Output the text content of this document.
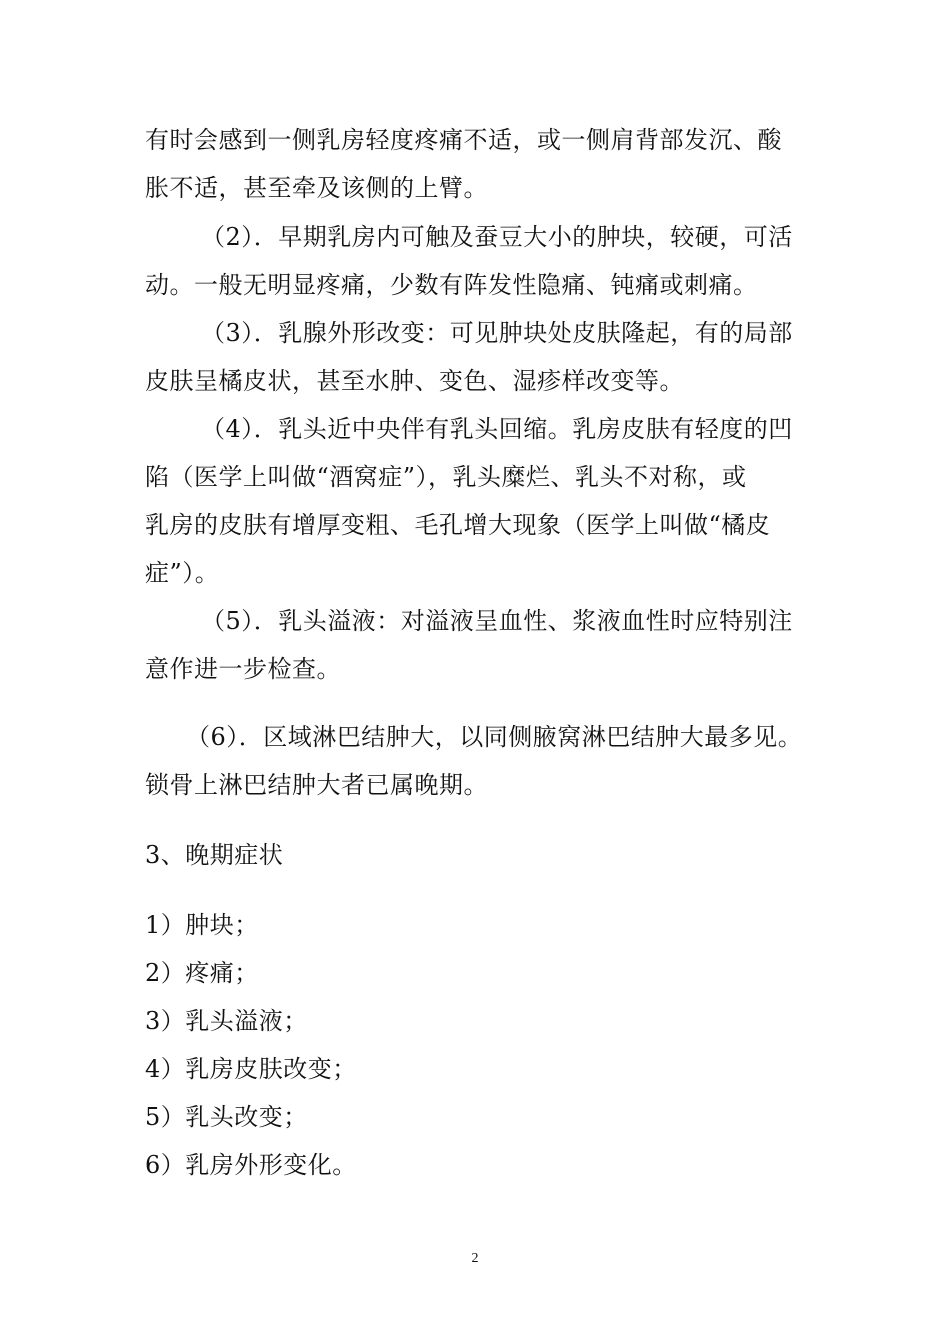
有时会感到一侧乳房轻度疼痛不适，或一侧肩背部发沉、酸
胀不适，甚至牵及该侧的上臂。
（2）．早期乳房内可触及蚕豆大小的肿块，较硬，可活
动。一般无明显疼痛，少数有阵发性隐痛、钝痛或刺痛。
（3）．乳腺外形改变：可见肿块处皮肤隆起，有的局部
皮肤呈橘皮状，甚至水肿、变色、湿疹样改变等。
（4）．乳头近中央伴有乳头回缩。乳房皮肤有轻度的凹
陷（医学上叫做“酒窝症”），乳头糜烂、乳头不对称，或
乳房的皮肤有增厚变粗、毛孔增大现象（医学上叫做“橘皮
症”）。
（5）．乳头溢液：对溢液呈血性、浆液血性时应特别注
意作进一步检查。
（6）．区域淋巴结肿大，以同侧腋窝淋巴结肿大最多见。
锁骨上淋巴结肿大者已属晚期。
3、晚期症状
1）肿块；
2）疼痛；
3）乳头溢液；
4）乳房皮肤改变；
5）乳头改变；
6）乳房外形变化。
2
